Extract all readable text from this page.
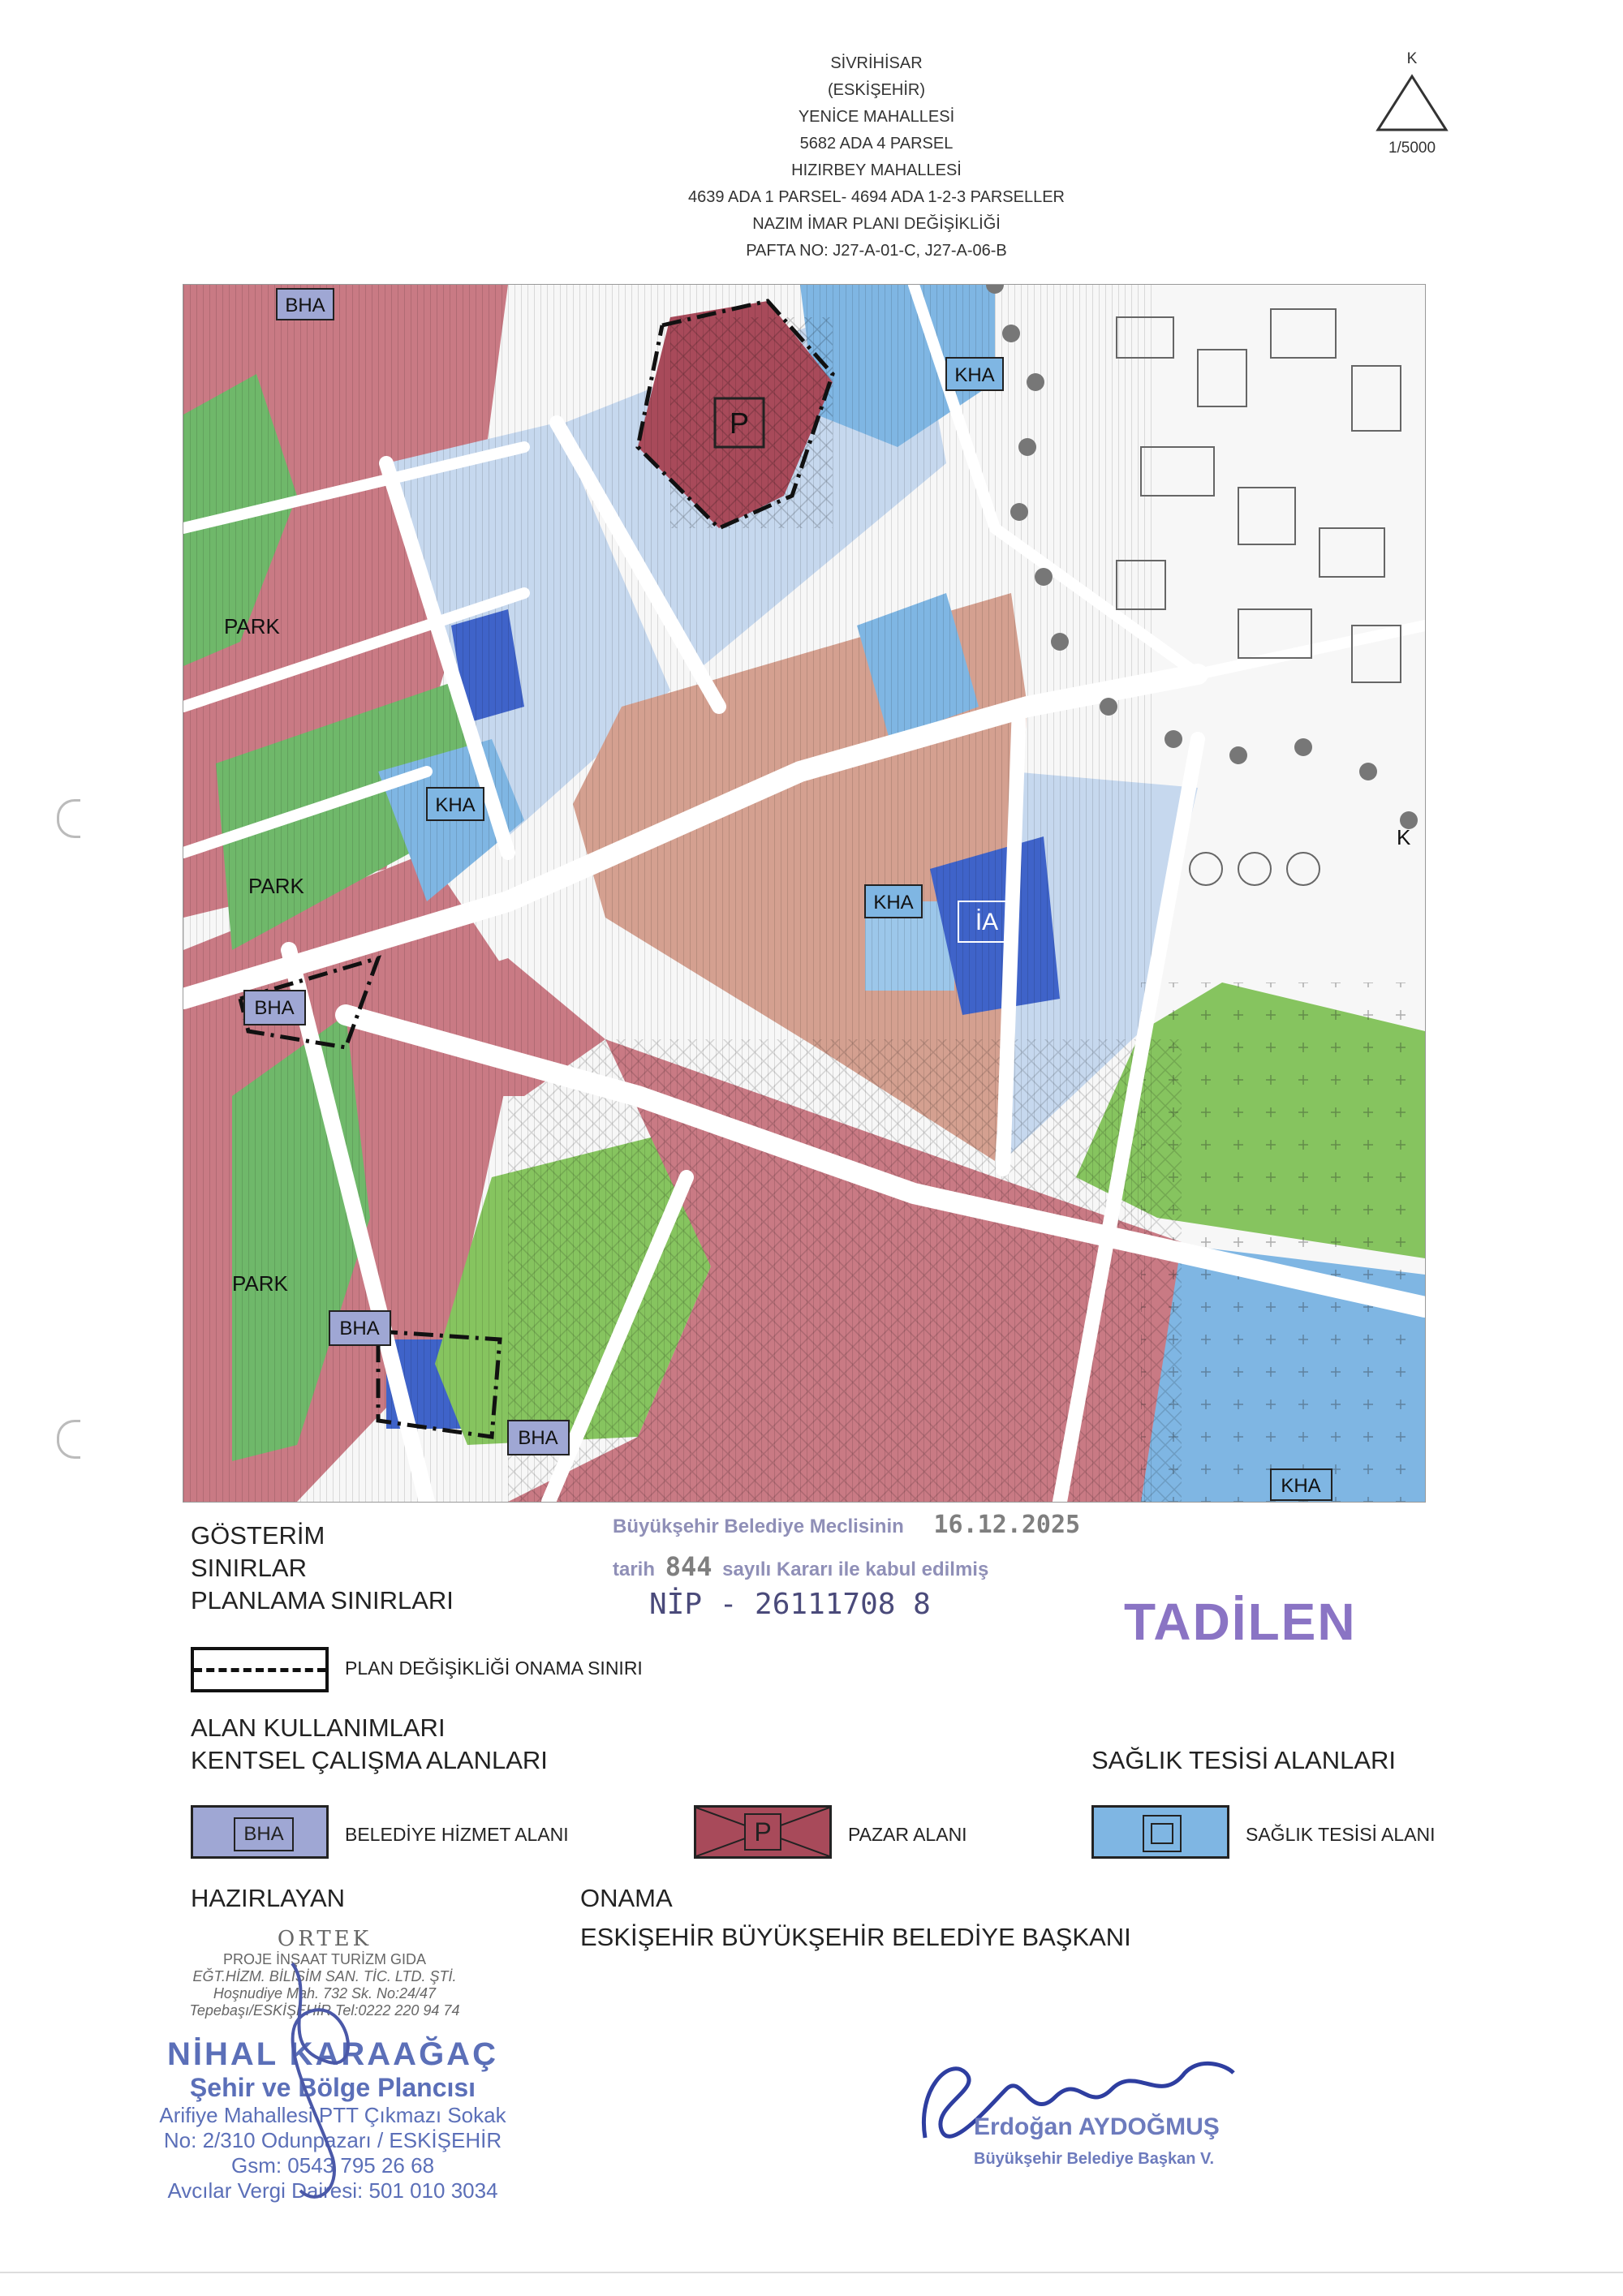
SİVRİHİSAR
(ESKİŞEHİR)
YENİCE MAHALLESİ
5682 ADA 4 PARSEL
HIZIRBEY MAHALLESİ
4639 ADA 1 PARSEL- 4694 ADA 1-2-3 PARSELLER
NAZIM İMAR PLANI DEĞİŞİKLİĞİ
PAFTA NO: J27-A-01-C, J27-A-06-B
K
1/5000
BHA
KHA
P
PARK
PARK
PARK
KHA
KHA
İA
BHA
BHA
BHA
KHA
K
GÖSTERİM
SINIRLAR
PLANLAMA SINIRLARI
PLAN DEĞİŞİKLİĞİ ONAMA SINIRI
ALAN KULLANIMLARI
KENTSEL ÇALIŞMA ALANLARI	SAĞLIK TESİSİ ALANLARI
BHA	BELEDİYE HİZMET ALANI	P	PAZAR ALANI	SAĞLIK TESİSİ ALANI
Büyükşehir Belediye Meclisinin 16.12.2025
tarih 844 sayılı Kararı ile kabul edilmiş
NİP - 26111708 8	TADİLEN
HAZIRLAYAN	ONAMA
ESKİŞEHİR BÜYÜKŞEHİR BELEDİYE BAŞKANI
ORTEK
PROJE İNŞAAT TURİZM GIDA
EĞT.HİZM. BİLİŞİM SAN. TİC. LTD. ŞTİ.
Hoşnudiye Mah. 732 Sk. No:24/47
Tepebaşı/ESKİŞEHİR Tel:0222 220 94 74
NİHAL KARAAĞAÇ
Şehir ve Bölge Plancısı
Arifiye Mahallesi PTT Çıkmazı Sokak
No: 2/310 Odunpazarı / ESKİŞEHİR
Gsm: 0543 795 26 68
Avcılar Vergi Dairesi: 501 010 3034
Erdoğan AYDOĞMUŞ
Büyükşehir Belediye Başkan V.
